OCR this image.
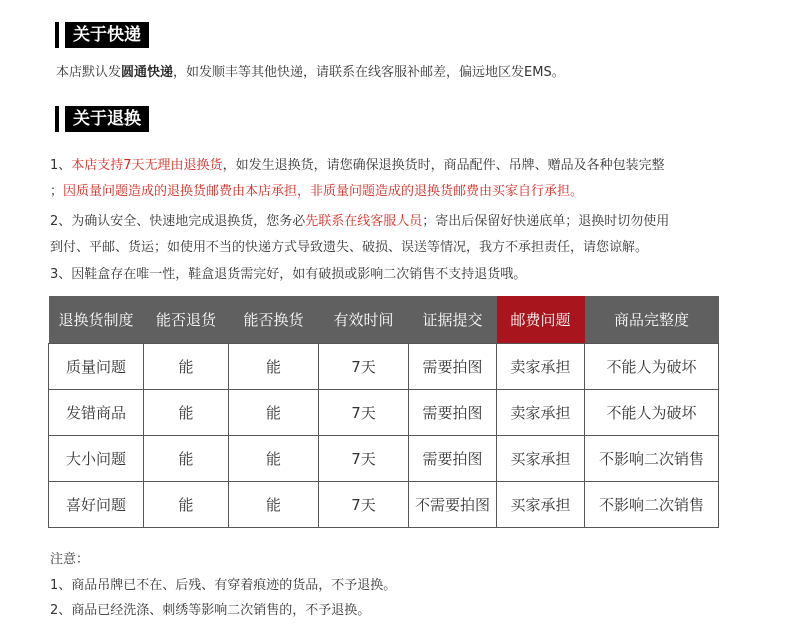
关于快递
本店默认发圆通快递，如发顺丰等其他快递，请联系在线客服补邮差，偏远地区发EMS。
关于退换
1、本店支持7天无理由退换货，如发生退换货，请您确保退换货时，商品配件、吊牌、赠品及各种包装完整
；因质量问题造成的退换货邮费由本店承担，非质量问题造成的退换货邮费由买家自行承担。
2、为确认安全、快速地完成退换货，您务必先联系在线客服人员；寄出后保留好快递底单；退换时切勿使用
到付、平邮、货运；如使用不当的快递方式导致遗失、破损、误送等情况，我方不承担责任，请您谅解。
3、因鞋盒存在唯一性，鞋盒退货需完好，如有破损或影响二次销售不支持退货哦。
退换货制度	能否退货	能否换货	有效时间	证据提交	邮费问题	商品完整度
质量问题	能	能	7天	需要拍图	卖家承担	不能人为破坏
发错商品	能	能	7天	需要拍图	卖家承担	不能人为破坏
大小问题	能	能	7天	需要拍图	买家承担	不影响二次销售
喜好问题	能	能	7天	不需要拍图	买家承担	不影响二次销售
注意：
1、商品吊牌已不在、后残、有穿着痕迹的货品，不予退换。
2、商品已经洗涤、刺绣等影响二次销售的，不予退换。
